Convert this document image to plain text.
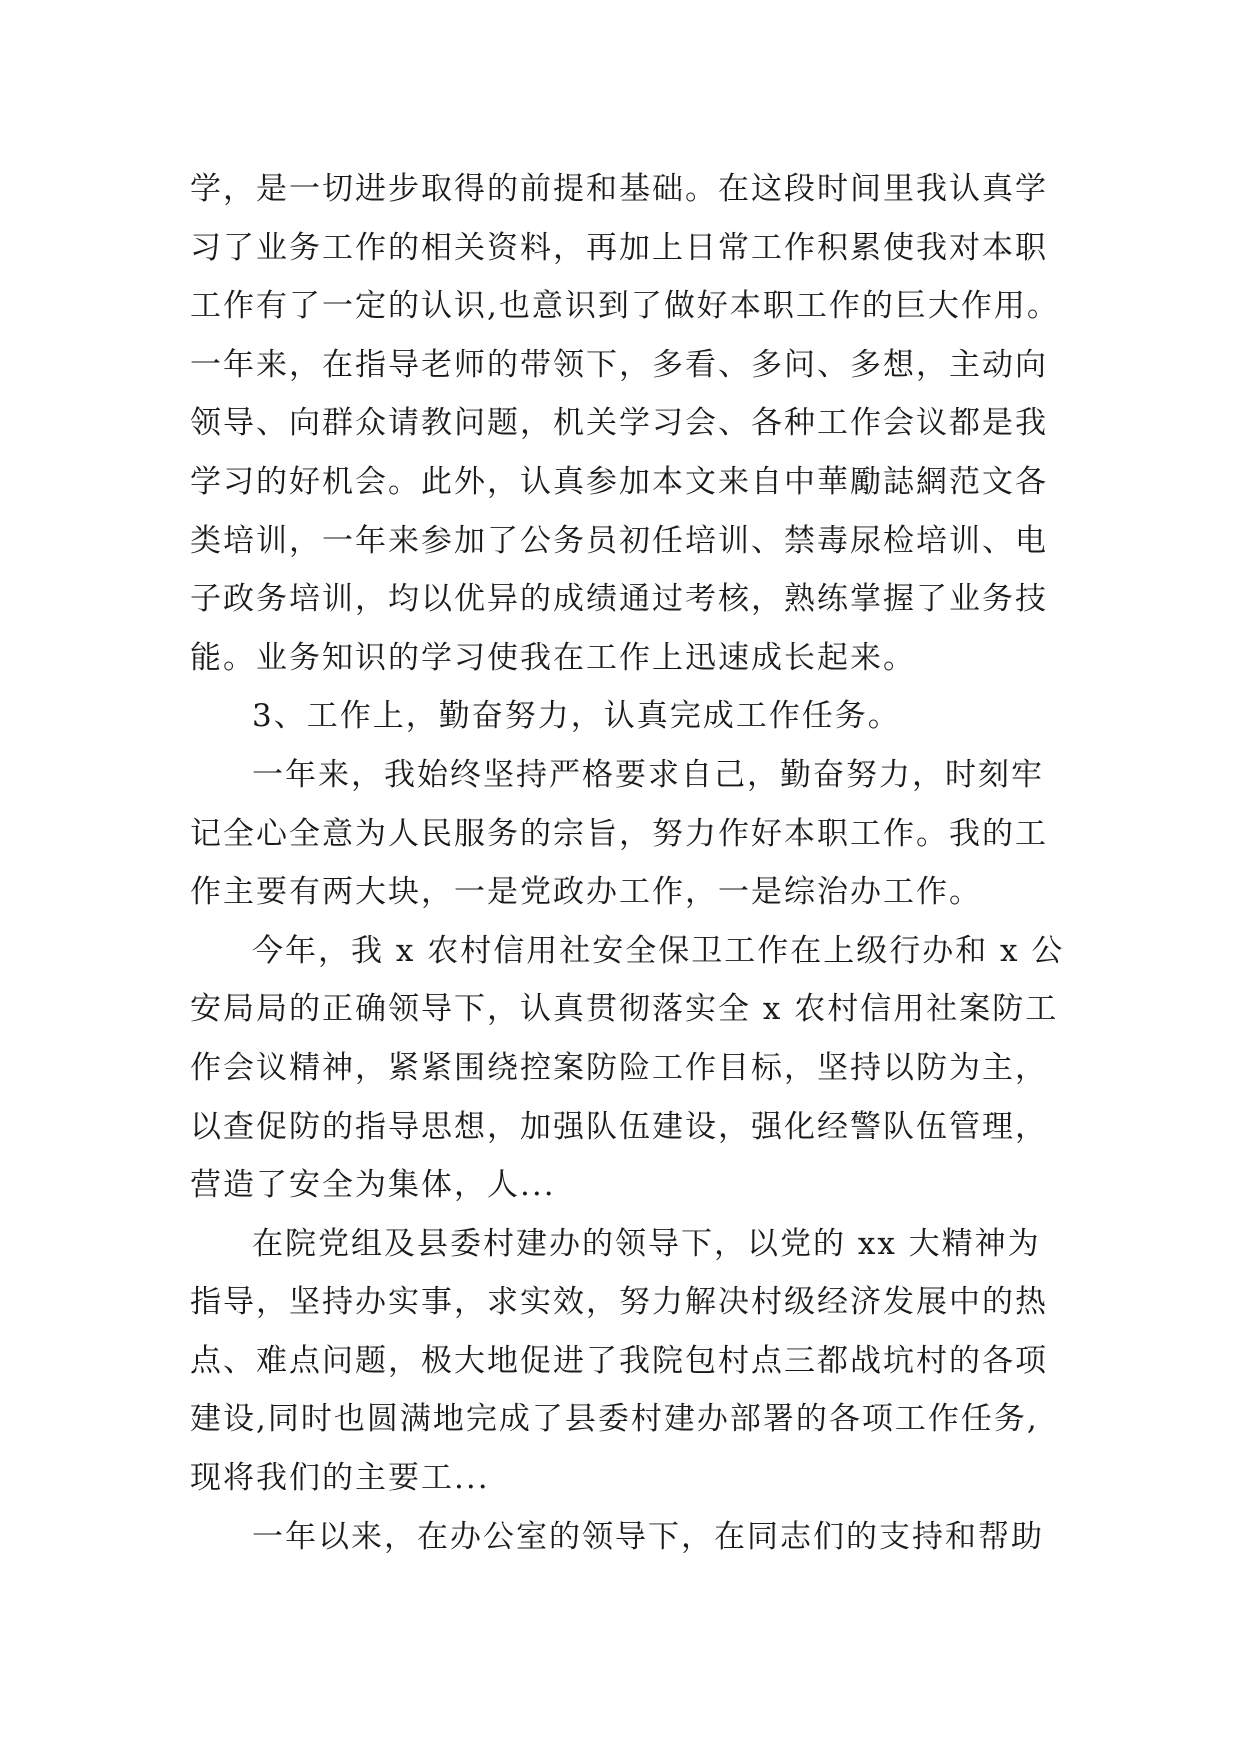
学，是一切进步取得的前提和基础。在这段时间里我认真学
习了业务工作的相关资料，再加上日常工作积累使我对本职
工作有了一定的认识,也意识到了做好本职工作的巨大作用。
一年来，在指导老师的带领下，多看、多问、多想，主动向
领导、向群众请教问题，机关学习会、各种工作会议都是我
学习的好机会。此外，认真参加本文来自中華勵誌網范文各
类培训，一年来参加了公务员初任培训、禁毒尿检培训、电
子政务培训，均以优异的成绩通过考核，熟练掌握了业务技
能。业务知识的学习使我在工作上迅速成长起来。
3、工作上，勤奋努力，认真完成工作任务。
一年来，我始终坚持严格要求自己，勤奋努力，时刻牢
记全心全意为人民服务的宗旨，努力作好本职工作。我的工
作主要有两大块，一是党政办工作，一是综治办工作。
今年，我 x 农村信用社安全保卫工作在上级行办和 x 公
安局局的正确领导下，认真贯彻落实全 x 农村信用社案防工
作会议精神，紧紧围绕控案防险工作目标，坚持以防为主，
以查促防的指导思想，加强队伍建设，强化经警队伍管理，
营造了安全为集体，人...
在院党组及县委村建办的领导下，以党的 xx 大精神为
指导，坚持办实事，求实效，努力解决村级经济发展中的热
点、难点问题，极大地促进了我院包村点三都战坑村的各项
建设,同时也圆满地完成了县委村建办部署的各项工作任务,
现将我们的主要工...
一年以来，在办公室的领导下，在同志们的支持和帮助
